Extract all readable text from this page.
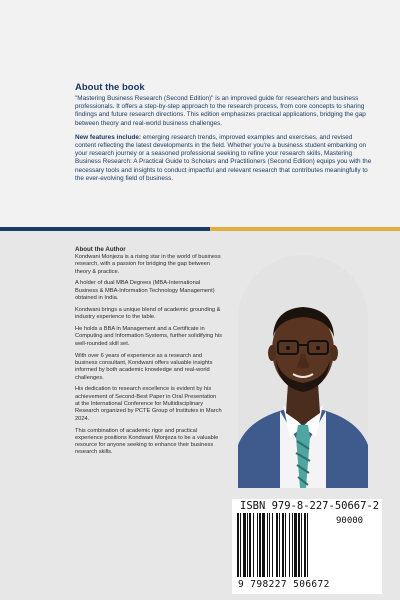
About the book

"Mastering Business Research (Second Edition)" is an improved guide for researchers and business professionals. It offers a step-by-step approach to the research process, from core concepts to sharing findings and future research directions. This edition emphasizes practical applications, bridging the gap between theory and real-world business challenges.

New features include: emerging research trends, improved examples and exercises, and revised content reflecting the latest developments in the field. Whether you're a business student embarking on your research journey or a seasoned professional seeking to refine your research skills, Mastering Business Research: A Practical Guide to Scholars and Practitioners (Second Edition) equips you with the necessary tools and insights to conduct impactful and relevant research that contributes meaningfully to the ever-evolving field of business.

About the Author

Kondwani Monjeza is a rising star in the world of business research, with a passion for bridging the gap between theory & practice.

A holder of dual MBA Degrees (MBA-International Business & MBA-Information Technology Management) obtained in India.

Kondwani brings a unique blend of academic grounding & industry experience to the table.

He holds a BBA in Management and a Certificate in Computing and Information Systems, further solidifying his well-rounded skill set.

With over 6 years of experience as a research and business consultant, Kondwani offers valuable insights informed by both academic knowledge and real-world challenges.

His dedication to research excellence is evident by his achievement of Second-Best Paper in Oral Presentation at the International Conference for Multidisciplinary Research organized by PCTE Group of Institutes in March 2024.

This combination of academic rigor and practical experience positions Kondwani Monjeza to be a valuable resource for anyone seeking to enhance their business research skills.

ISBN 979-8-227-50667-2
90000
9 798227 506672
